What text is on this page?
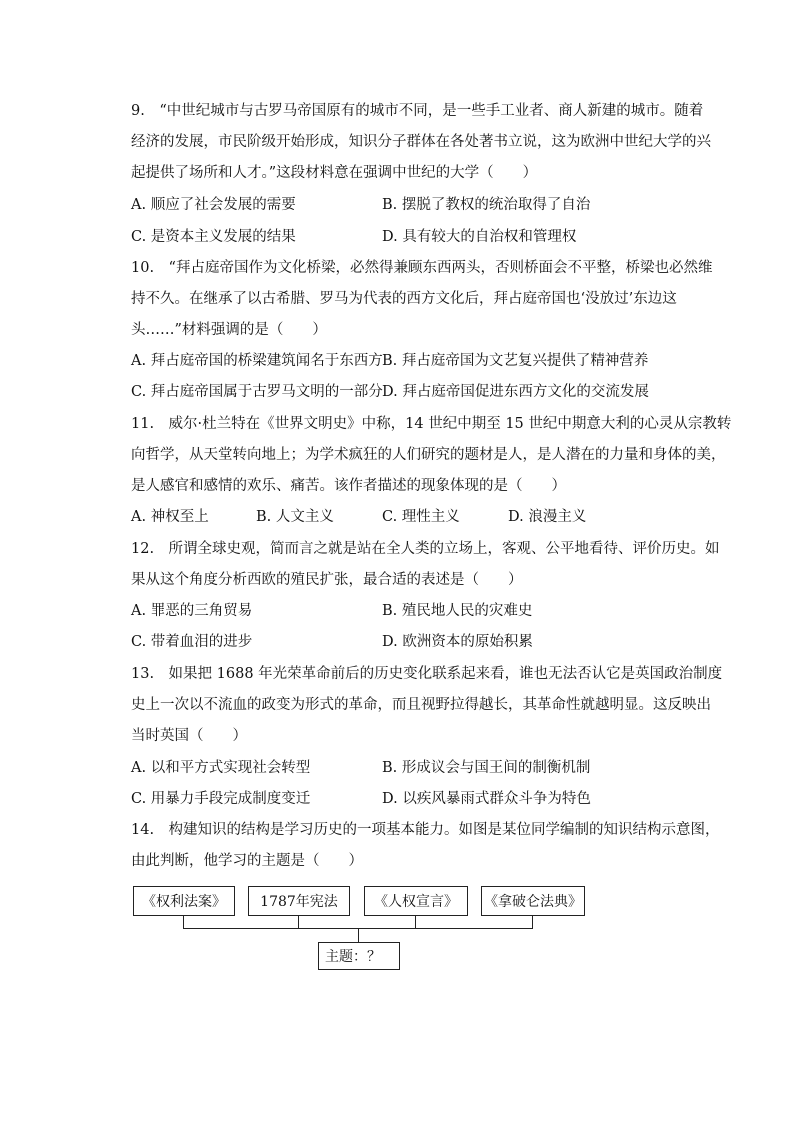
9.　“中世纪城市与古罗马帝国原有的城市不同，是一些手工业者、商人新建的城市。随着
经济的发展，市民阶级开始形成，知识分子群体在各处著书立说，这为欧洲中世纪大学的兴
起提供了场所和人才。”这段材料意在强调中世纪的大学（　　）
A. 顺应了社会发展的需要	B. 摆脱了教权的统治取得了自治
C. 是资本主义发展的结果	D. 具有较大的自治权和管理权
10.　“拜占庭帝国作为文化桥梁，必然得兼顾东西两头，否则桥面会不平整，桥梁也必然维
持不久。在继承了以古希腊、罗马为代表的西方文化后，拜占庭帝国也‘没放过’东边这
头……”材料强调的是（　　）
A. 拜占庭帝国的桥梁建筑闻名于东西方 B. 拜占庭帝国为文艺复兴提供了精神营养
C. 拜占庭帝国属于古罗马文明的一部分 D. 拜占庭帝国促进东西方文化的交流发展
11.　威尔·杜兰特在《世界文明史》中称，14 世纪中期至 15 世纪中期意大利的心灵从宗教转
向哲学，从天堂转向地上；为学术疯狂的人们研究的题材是人，是人潜在的力量和身体的美，
是人感官和感情的欢乐、痛苦。该作者描述的现象体现的是（　　）
A. 神权至上	B. 人文主义	C. 理性主义	D. 浪漫主义
12.　所谓全球史观，简而言之就是站在全人类的立场上，客观、公平地看待、评价历史。如
果从这个角度分析西欧的殖民扩张，最合适的表述是（　　）
A. 罪恶的三角贸易	B. 殖民地人民的灾难史
C. 带着血泪的进步	D. 欧洲资本的原始积累
13.　如果把 1688 年光荣革命前后的历史变化联系起来看，谁也无法否认它是英国政治制度
史上一次以不流血的政变为形式的革命，而且视野拉得越长，其革命性就越明显。这反映出
当时英国（　　）
A. 以和平方式实现社会转型	B. 形成议会与国王间的制衡机制
C. 用暴力手段完成制度变迁	D. 以疾风暴雨式群众斗争为特色
14.　构建知识的结构是学习历史的一项基本能力。如图是某位同学编制的知识结构示意图，
由此判断，他学习的主题是（　　）
《权利法案》	1787年宪法	《人权宣言》	《拿破仑法典》
主题：？
